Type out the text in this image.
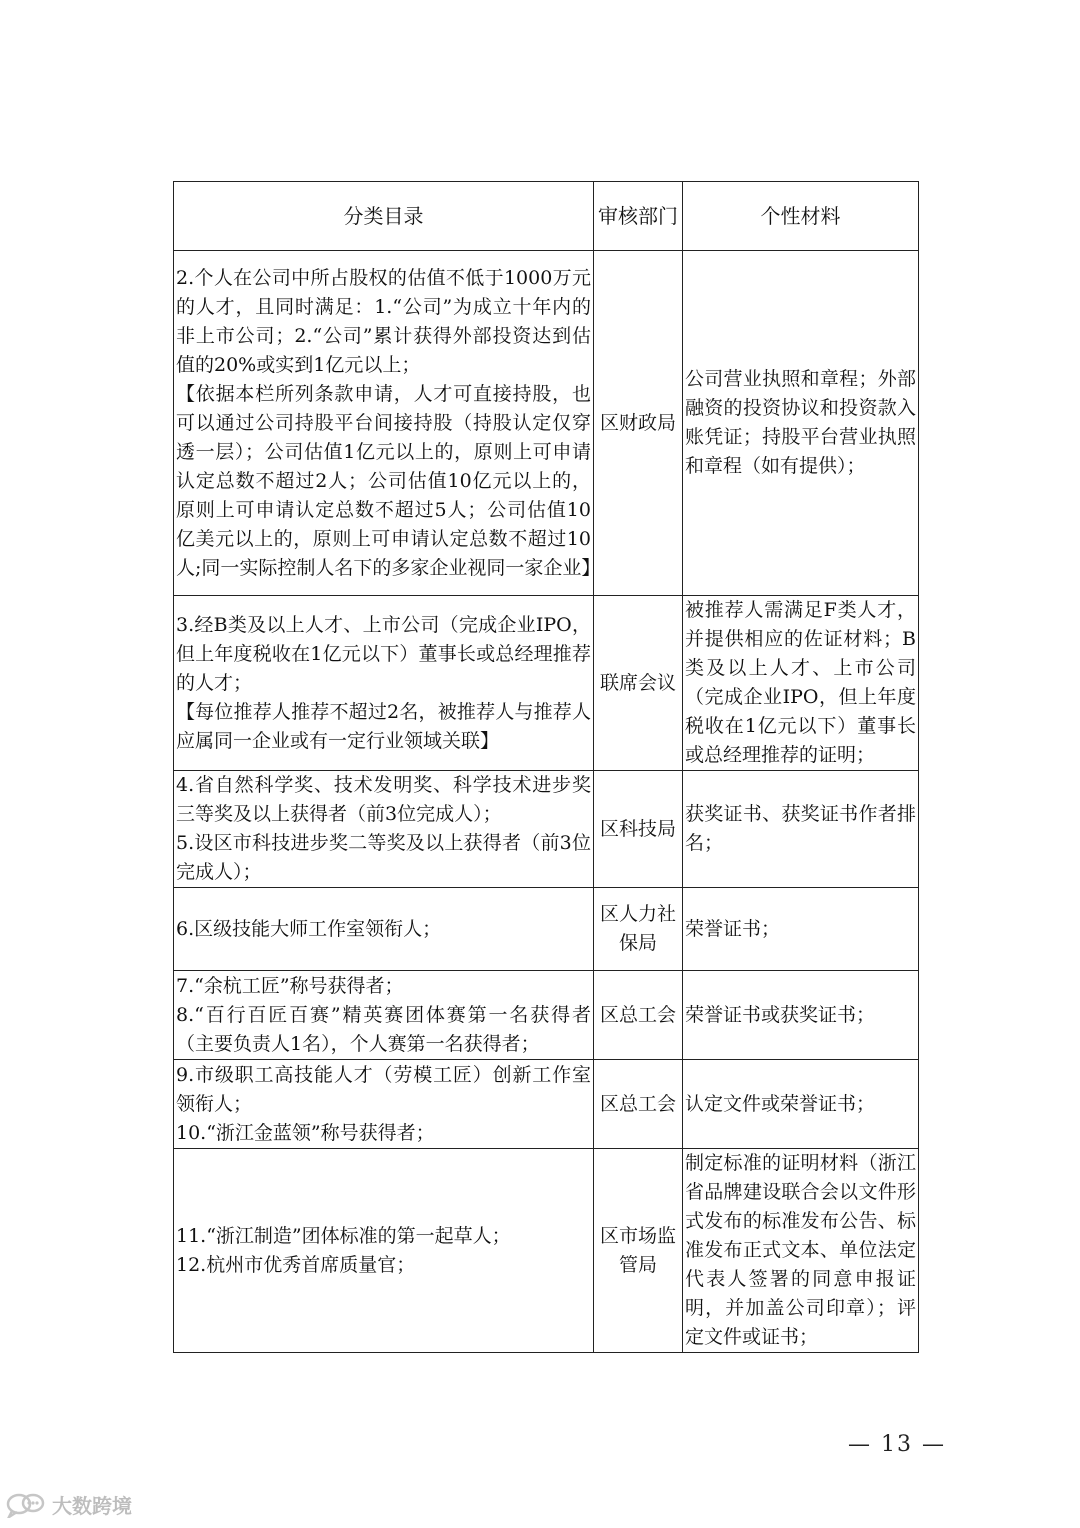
分类目录	审核部门	个性材料

2.个人在公司中所占股权的估值不低于1000万元的人才，且同时满足：1.“公司”为成立十年内的非上市公司；2.“公司”累计获得外部投资达到估值的20%或实到1亿元以上；
【依据本栏所列条款申请，人才可直接持股，也可以通过公司持股平台间接持股（持股认定仅穿透一层）；公司估值1亿元以上的，原则上可申请认定总数不超过2人；公司估值10亿元以上的，原则上可申请认定总数不超过5人；公司估值10亿美元以上的，原则上可申请认定总数不超过10人;同一实际控制人名下的多家企业视同一家企业】	区财政局	公司营业执照和章程；外部融资的投资协议和投资款入账凭证；持股平台营业执照和章程（如有提供）；

3.经B类及以上人才、上市公司（完成企业IPO，但上年度税收在1亿元以下）董事长或总经理推荐的人才；
【每位推荐人推荐不超过2名，被推荐人与推荐人应属同一企业或有一定行业领域关联】	联席会议	被推荐人需满足F类人才，并提供相应的佐证材料；B类及以上人才、上市公司（完成企业IPO，但上年度税收在1亿元以下）董事长或总经理推荐的证明；

4.省自然科学奖、技术发明奖、科学技术进步奖三等奖及以上获得者（前3位完成人）；
5.设区市科技进步奖二等奖及以上获得者（前3位完成人）；	区科技局	获奖证书、获奖证书作者排名；

6.区级技能大师工作室领衔人；	区人力社保局	荣誉证书；

7.“余杭工匠”称号获得者；
8.“百行百匠百赛”精英赛团体赛第一名获得者（主要负责人1名），个人赛第一名获得者；	区总工会	荣誉证书或获奖证书；

9.市级职工高技能人才（劳模工匠）创新工作室领衔人；
10.“浙江金蓝领”称号获得者；	区总工会	认定文件或荣誉证书；

11.“浙江制造”团体标准的第一起草人；
12.杭州市优秀首席质量官；	区市场监管局	制定标准的证明材料（浙江省品牌建设联合会以文件形式发布的标准发布公告、标准发布正式文本、单位法定代表人签署的同意申报证明，并加盖公司印章）；评定文件或证书；
— 13 —
大数跨境
